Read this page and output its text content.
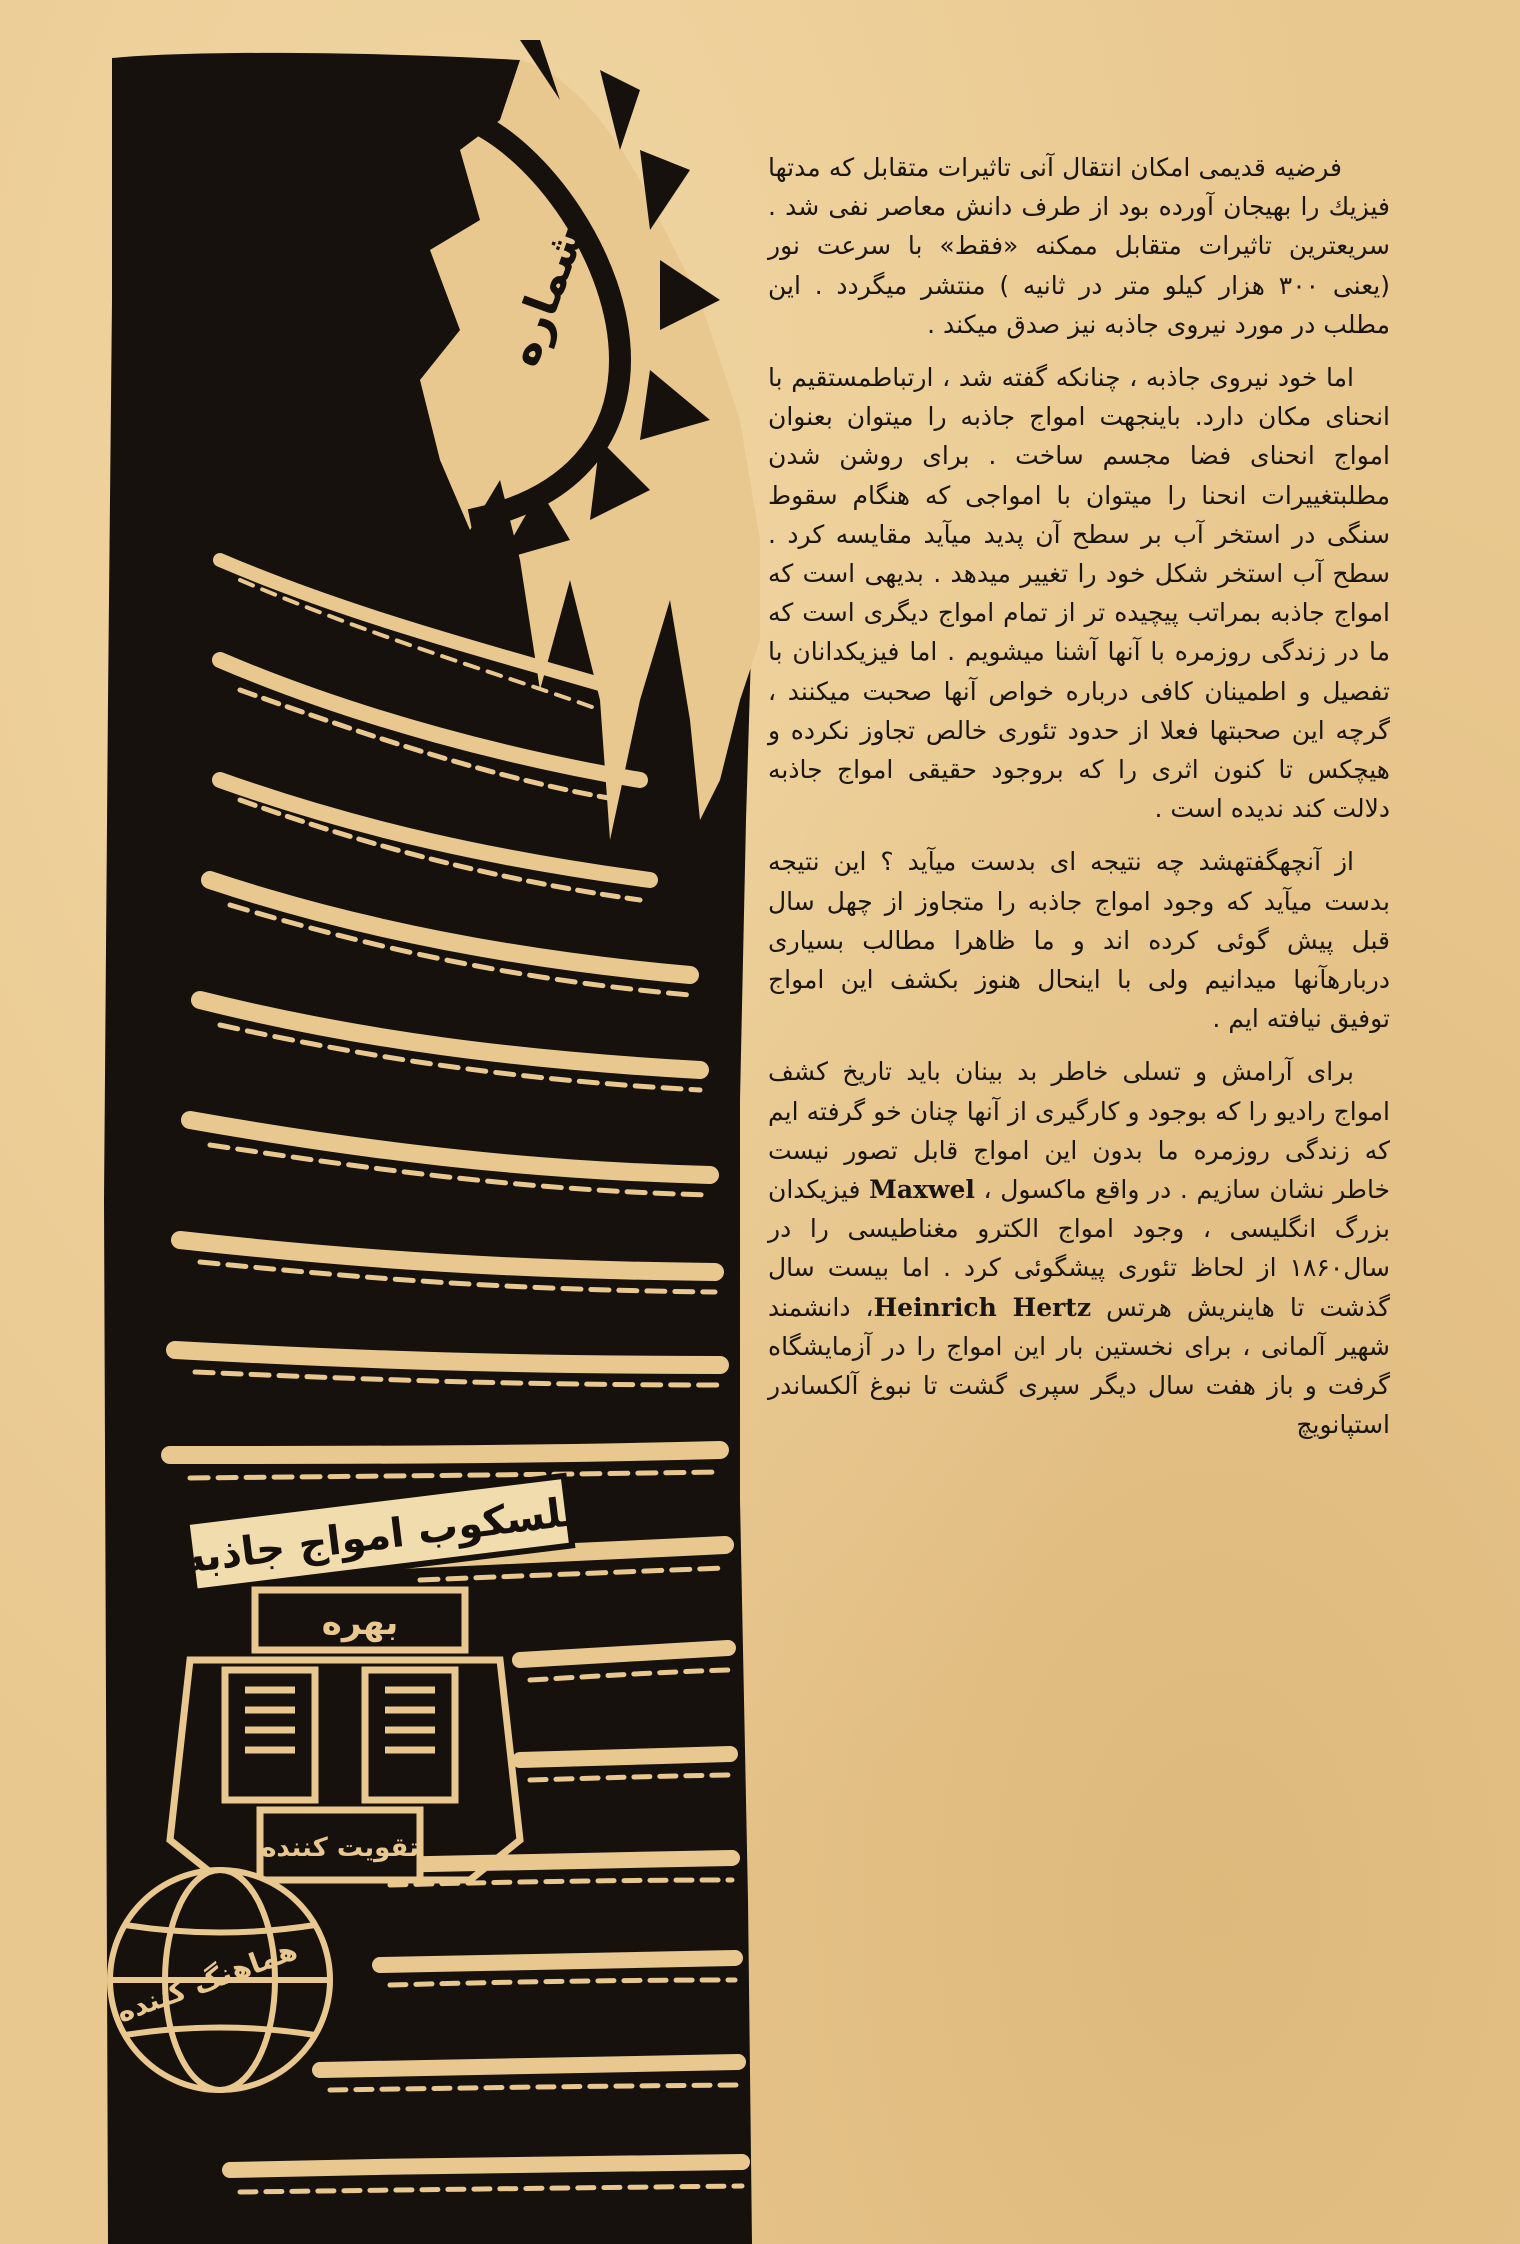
تلسکوب امواج جاذبه
بهره
تقویت کننده
هماهنگ کننده
شماره

فرضیه قدیمی امکان انتقال آنی تاثیرات متقابل که مدتها فیزیك را بهیجان آورده بود از طرف دانش معاصر نفی شد . سریعترین تاثیرات متقابل ممکنه «فقط» با سرعت نور (یعنی ۳۰۰ هزار کیلو متر در ثانیه ) منتشر میگردد . این مطلب در مورد نیروی جاذبه نیز صدق میکند .

اما خود نیروی جاذبه ، چنانکه گفته شد ، ارتباطمستقیم با انحنای مکان دارد. باینجهت امواج جاذبه را میتوان بعنوان امواج انحنای فضا مجسم ساخت . برای روشن شدن مطلبتغییرات انحنا را میتوان با امواجی که هنگام سقوط سنگی در استخر آب بر سطح آن پدید میآید مقایسه کرد . سطح آب استخر شکل خود را تغییر میدهد . بدیهی است که امواج جاذبه بمراتب پیچیده تر از تمام امواج دیگری است که ما در زندگی روزمره با آنها آشنا میشویم . اما فیزیکدانان با تفصیل و اطمینان کافی درباره خواص آنها صحبت میکنند ، گرچه این صحبتها فعلا از حدود تئوری خالص تجاوز نکرده و هیچکس تا کنون اثری را که بروجود حقیقی امواج جاذبه دلالت کند ندیده است .

از آنچهگفتهشد چه نتیجه ای بدست میآید ؟ این نتیجه بدست میآید که وجود امواج جاذبه را متجاوز از چهل سال قبل پیش گوئی کرده اند و ما ظاهرا مطالب بسیاری دربارهآنها میدانیم ولی با اینحال هنوز بکشف این امواج توفیق نیافته ایم .

برای آرامش و تسلی خاطر بد بینان باید تاریخ کشف امواج رادیو را که بوجود و کارگیری از آنها چنان خو گرفته ایم که زندگی روزمره ما بدون این امواج قابل تصور نیست خاطر نشان سازیم . در واقع ماکسول ، Maxwel فیزیکدان بزرگ انگلیسی ، وجود امواج الکترو مغناطیسی را در سال۱۸۶۰ از لحاظ تئوری پیشگوئی کرد . اما بیست سال گذشت تا هاینریش هرتس Heinrich Hertz، دانشمند شهیر آلمانی ، برای نخستین بار این امواج را در آزمایشگاه گرفت و باز هفت سال دیگر سپری گشت تا نبوغ آلکساندر استپانویچ
